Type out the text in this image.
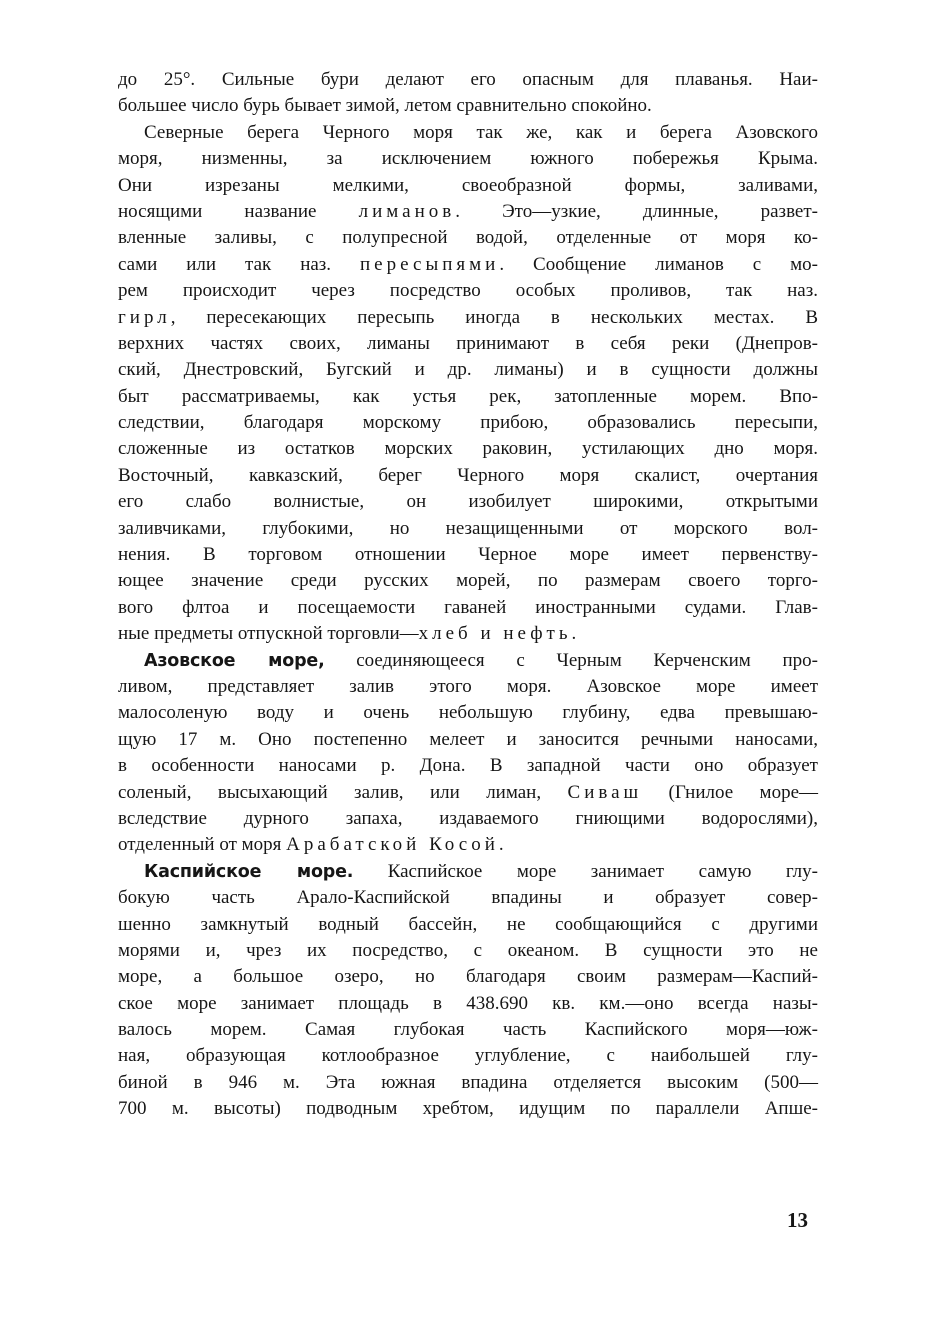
до 25°. Сильные бури делают его опасным для плаванья. Наи-
большее число бурь бывает зимой, летом сравнительно спокойно.
Северные берега Черного моря так же, как и берега Азовского
моря, низменны, за исключением южного побережья Крыма.
Они изрезаны мелкими, своеобразной формы, заливами,
носящими название лиманов. Это—узкие, длинные, развет-
вленные заливы, с полупресной водой, отделенные от моря ко-
сами или так наз. пересыпями. Сообщение лиманов с мо-
рем происходит через посредство особых проливов, так наз.
гирл, пересекающих пересыпь иногда в нескольких местах. В
верхних частях своих, лиманы принимают в себя реки (Днепров-
ский, Днестровский, Бугский и др. лиманы) и в сущности должны
быт рассматриваемы, как устья рек, затопленные морем. Впо-
следствии, благодаря морскому прибою, образовались пересыпи,
сложенные из остатков морских раковин, устилающих дно моря.
Восточный, кавказский, берег Черного моря скалист, очертания
его слабо волнистые, он изобилует широкими, открытыми
заливчиками, глубокими, но незащищенными от морского вол-
нения. В торговом отношении Черное море имеет первенству-
ющее значение среди русских морей, по размерам своего торго-
вого флтоа и посещаемости гаваней иностранными судами. Глав-
ные предметы отпускной торговли—хлеб и нефть.
Азовское море, соединяющееся с Черным Керченским про-
ливом, представляет залив этого моря. Азовское море имеет
малосоленую воду и очень небольшую глубину, едва превышаю-
щую 17 м. Оно постепенно мелеет и заносится речными наносами,
в особенности наносами р. Дона. В западной части оно образует
соленый, высыхающий залив, или лиман, Сиваш (Гнилое море—
вследствие дурного запаха, издаваемого гниющими водорослями),
отделенный от моря Арабатской Косой.
Каспийское море. Каспийское море занимает самую глу-
бокую часть Арало-Каспийской впадины и образует совер-
шенно замкнутый водный бассейн, не сообщающийся с другими
морями и, чрез их посредство, с океаном. В сущности это не
море, а большое озеро, но благодаря своим размерам—Каспий-
ское море занимает площадь в 438.690 кв. км.—оно всегда назы-
валось морем. Самая глубокая часть Каспийского моря—юж-
ная, образующая котлообразное углубление, с наибольшей глу-
биной в 946 м. Эта южная впадина отделяется высоким (500—
700 м. высоты) подводным хребтом, идущим по параллели Апше-
13
